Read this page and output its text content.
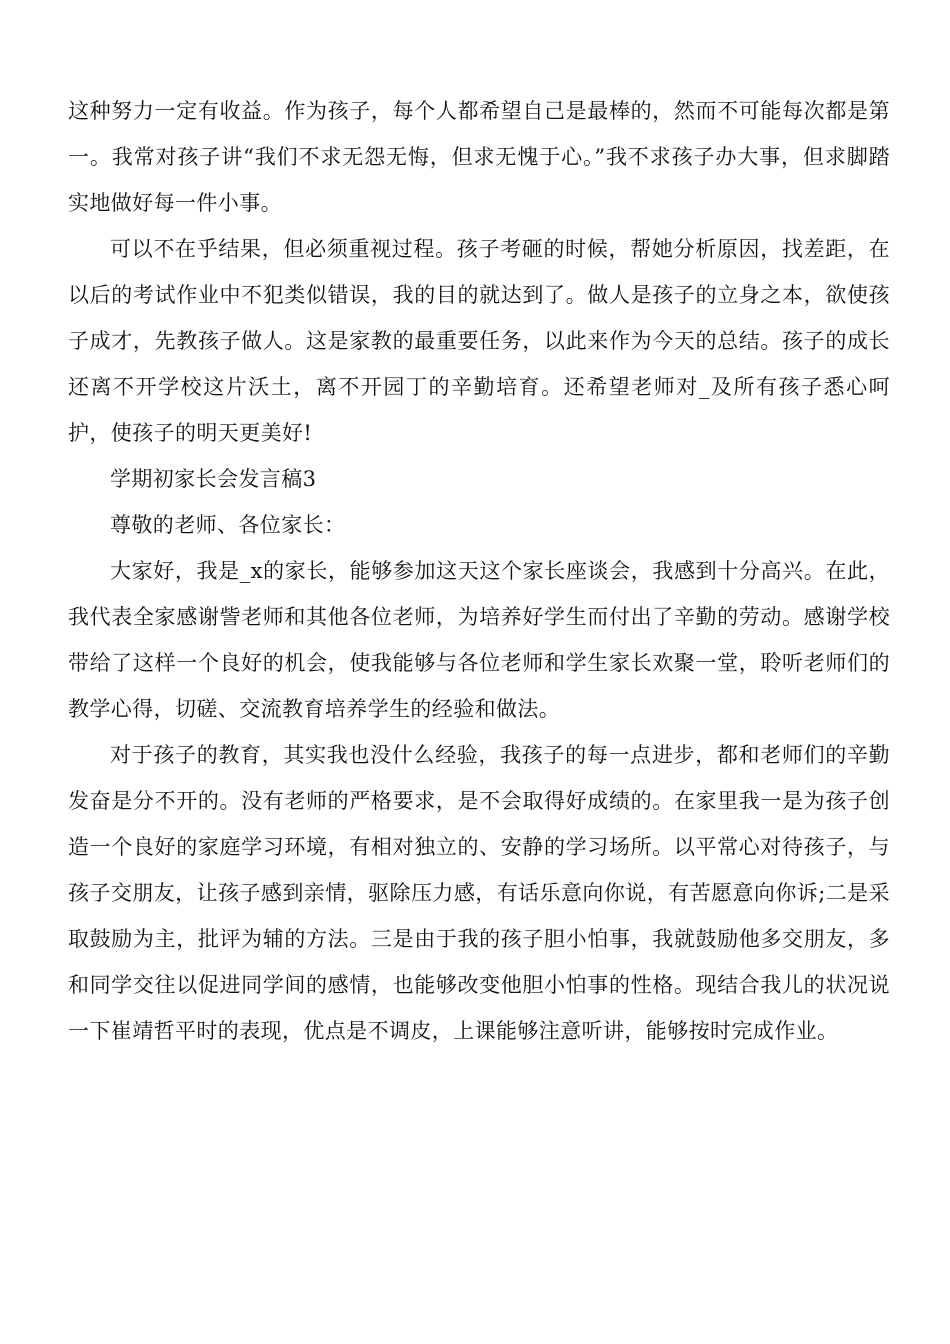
这种努力一定有收益。作为孩子，每个人都希望自己是最棒的，然而不可能每次都是第一。我常对孩子讲“我们不求无怨无悔，但求无愧于心。”我不求孩子办大事，但求脚踏实地做好每一件小事。

可以不在乎结果，但必须重视过程。孩子考砸的时候，帮她分析原因，找差距，在以后的考试作业中不犯类似错误，我的目的就达到了。做人是孩子的立身之本，欲使孩子成才，先教孩子做人。这是家教的最重要任务，以此来作为今天的总结。孩子的成长还离不开学校这片沃土，离不开园丁的辛勤培育。还希望老师对_及所有孩子悉心呵护，使孩子的明天更美好!

学期初家长会发言稿3

尊敬的老师、各位家长：

大家好，我是_x的家长，能够参加这天这个家长座谈会，我感到十分高兴。在此，我代表全家感谢訾老师和其他各位老师，为培养好学生而付出了辛勤的劳动。感谢学校带给了这样一个良好的机会，使我能够与各位老师和学生家长欢聚一堂，聆听老师们的教学心得，切磋、交流教育培养学生的经验和做法。

对于孩子的教育，其实我也没什么经验，我孩子的每一点进步，都和老师们的辛勤发奋是分不开的。没有老师的严格要求，是不会取得好成绩的。在家里我一是为孩子创造一个良好的家庭学习环境，有相对独立的、安静的学习场所。以平常心对待孩子，与孩子交朋友，让孩子感到亲情，驱除压力感，有话乐意向你说，有苦愿意向你诉;二是采取鼓励为主，批评为辅的方法。三是由于我的孩子胆小怕事，我就鼓励他多交朋友，多和同学交往以促进同学间的感情，也能够改变他胆小怕事的性格。现结合我儿的状况说一下崔靖哲平时的表现，优点是不调皮，上课能够注意听讲，能够按时完成作业。
